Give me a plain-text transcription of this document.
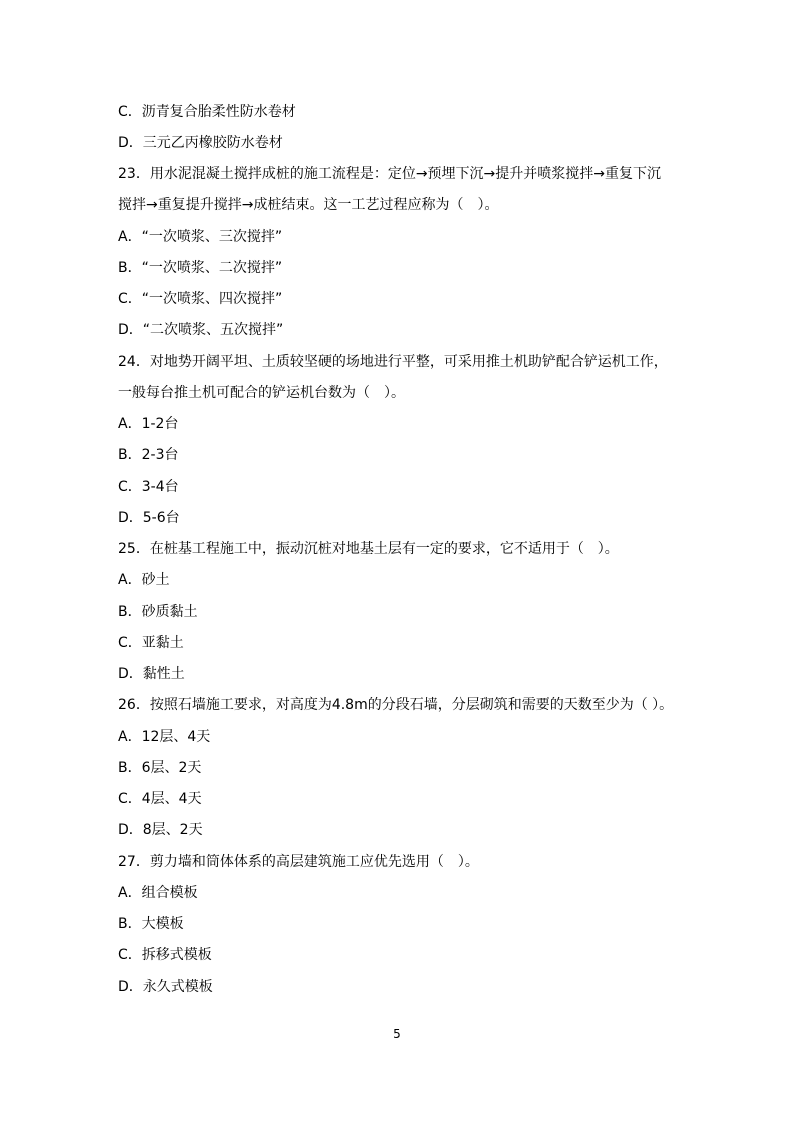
C．沥青复合胎柔性防水卷材
D．三元乙丙橡胶防水卷材
23．用水泥混凝土搅拌成桩的施工流程是：定位→预埋下沉→提升并喷浆搅拌→重复下沉
搅拌→重复提升搅拌→成桩结束。这一工艺过程应称为（　）。
A．“一次喷浆、三次搅拌”
B．“一次喷浆、二次搅拌”
C．“一次喷浆、四次搅拌”
D．“二次喷浆、五次搅拌”
24．对地势开阔平坦、土质较坚硬的场地进行平整，可采用推土机助铲配合铲运机工作，
一般每台推土机可配合的铲运机台数为（　）。
A．1-2台
B．2-3台
C．3-4台
D．5-6台
25．在桩基工程施工中，振动沉桩对地基土层有一定的要求，它不适用于（　）。
A．砂土
B．砂质黏土
C．亚黏土
D．黏性土
26．按照石墙施工要求，对高度为4.8m的分段石墙，分层砌筑和需要的天数至少为（ ）。
A．12层、4天
B．6层、2天
C．4层、4天
D．8层、2天
27．剪力墙和筒体体系的高层建筑施工应优先选用（　）。
A．组合模板
B．大模板
C．拆移式模板
D．永久式模板
5
